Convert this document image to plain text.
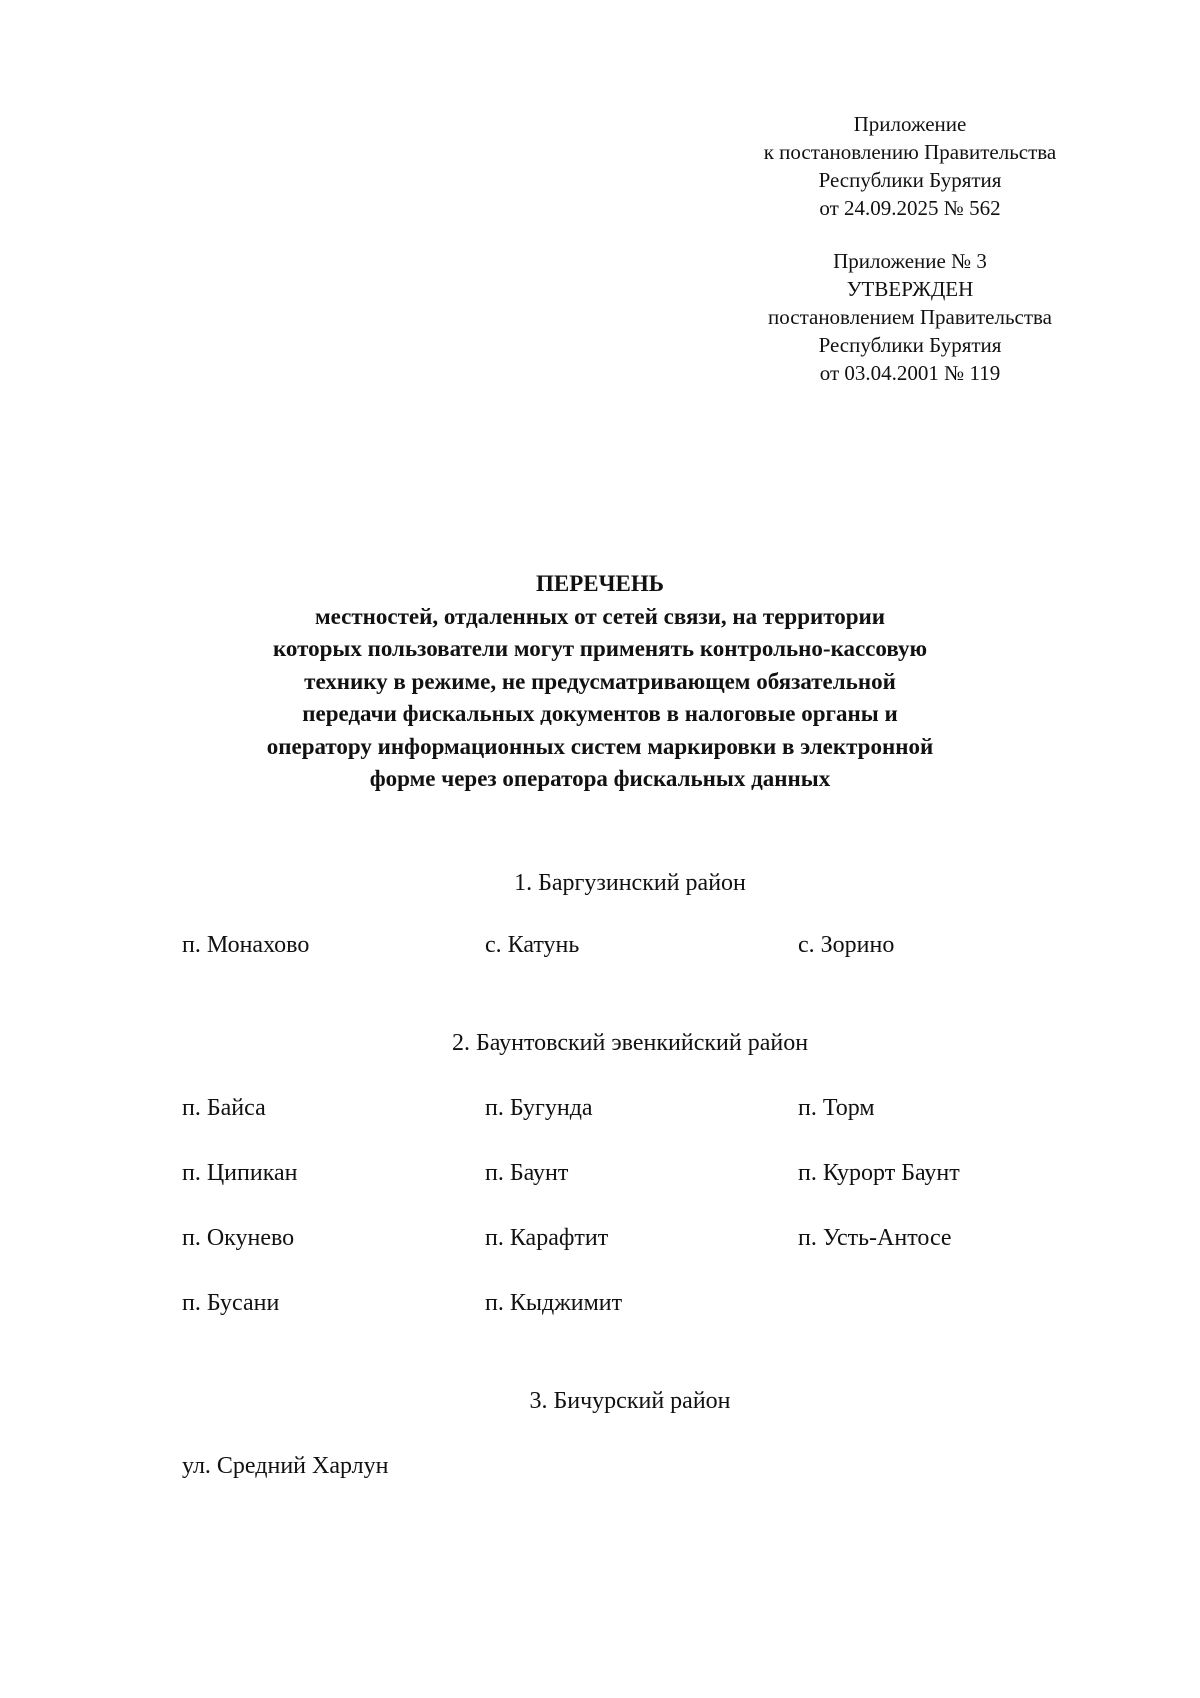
Приложение
к постановлению Правительства
Республики Бурятия
от 24.09.2025 № 562
Приложение № 3
УТВЕРЖДЕН
постановлением Правительства
Республики Бурятия
от 03.04.2001 № 119
ПЕРЕЧЕНЬ
местностей, отдаленных от сетей связи, на территории
которых пользователи могут применять контрольно-кассовую
технику в режиме, не предусматривающем обязательной
передачи фискальных документов в налоговые органы и
оператору информационных систем маркировки в электронной
форме через оператора фискальных данных
1. Баргузинский район
п. Монахово	с. Катунь	с. Зорино
2. Баунтовский эвенкийский район
п. Байса	п. Бугунда	п. Торм
п. Ципикан	п. Баунт	п. Курорт Баунт
п. Окунево	п. Карафтит	п. Усть-Антосе
п. Бусани	п. Кыджимит
3. Бичурский район
ул. Средний Харлун
